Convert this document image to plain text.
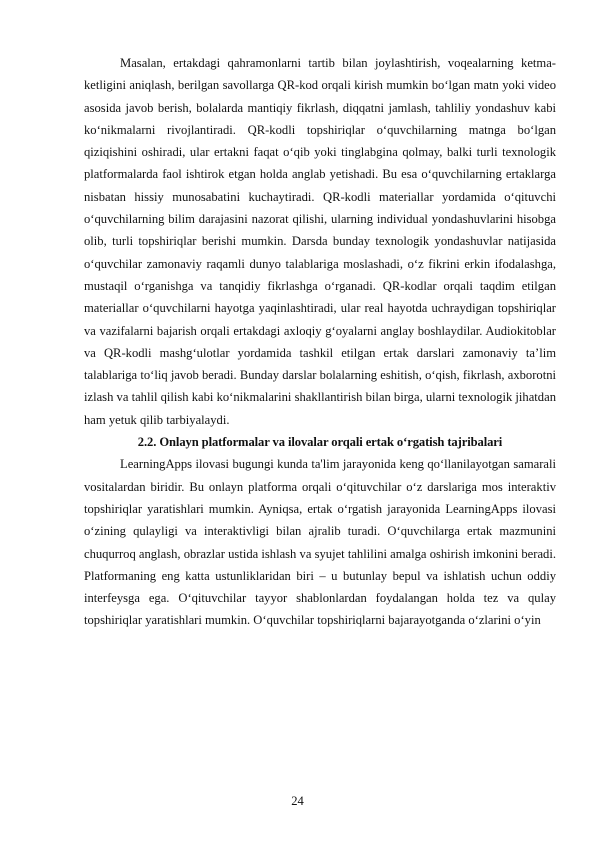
Masalan, ertakdagi qahramonlarni tartib bilan joylashtirish, voqealarning ketma-ketligini aniqlash, berilgan savollarga QR-kod orqali kirish mumkin bo‘lgan matn yoki video asosida javob berish, bolalarda mantiqiy fikrlash, diqqatni jamlash, tahliliy yondashuv kabi ko‘nikmalarni rivojlantiradi. QR-kodli topshiriqlar o‘quvchilarning matnga bo‘lgan qiziqishini oshiradi, ular ertakni faqat o‘qib yoki tinglabgina qolmay, balki turli texnologik platformalarda faol ishtirok etgan holda anglab yetishadi. Bu esa o‘quvchilarning ertaklarga nisbatan hissiy munosabatini kuchaytiradi. QR-kodli materiallar yordamida o‘qituvchi o‘quvchilarning bilim darajasini nazorat qilishi, ularning individual yondashuvlarini hisobga olib, turli topshiriqlar berishi mumkin. Darsda bunday texnologik yondashuvlar natijasida o‘quvchilar zamonaviy raqamli dunyo talablariga moslashadi, o‘z fikrini erkin ifodalashga, mustaqil o‘rganishga va tanqidiy fikrlashga o‘rganadi. QR-kodlar orqali taqdim etilgan materiallar o‘quvchilarni hayotga yaqinlashtiradi, ular real hayotda uchraydigan topshiriqlar va vazifalarni bajarish orqali ertakdagi axloqiy g‘oyalarni anglay boshlaydilar. Audiokitoblar va QR-kodli mashg‘ulotlar yordamida tashkil etilgan ertak darslari zamonaviy ta’lim talablariga to‘liq javob beradi. Bunday darslar bolalarning eshitish, o‘qish, fikrlash, axborotni izlash va tahlil qilish kabi ko‘nikmalarini shakllantirish bilan birga, ularni texnologik jihatdan ham yetuk qilib tarbiyalaydi.

2.2. Onlayn platformalar va ilovalar orqali ertak o‘rgatish tajribalari

LearningApps ilovasi bugungi kunda ta'lim jarayonida keng qo‘llanilayotgan samarali vositalardan biridir. Bu onlayn platforma orqali o‘qituvchilar o‘z darslariga mos interaktiv topshiriqlar yaratishlari mumkin. Ayniqsa, ertak o‘rgatish jarayonida LearningApps ilovasi o‘zining qulayligi va interaktivligi bilan ajralib turadi. O‘quvchilarga ertak mazmunini chuqurroq anglash, obrazlar ustida ishlash va syujet tahlilini amalga oshirish imkonini beradi. Platformaning eng katta ustunliklaridan biri – u butunlay bepul va ishlatish uchun oddiy interfeysga ega. O‘qituvchilar tayyor shablonlardan foydalangan holda tez va qulay topshiriqlar yaratishlari mumkin. O‘quvchilar topshiriqlarni bajarayotganda o‘zlarini o‘yin

24
